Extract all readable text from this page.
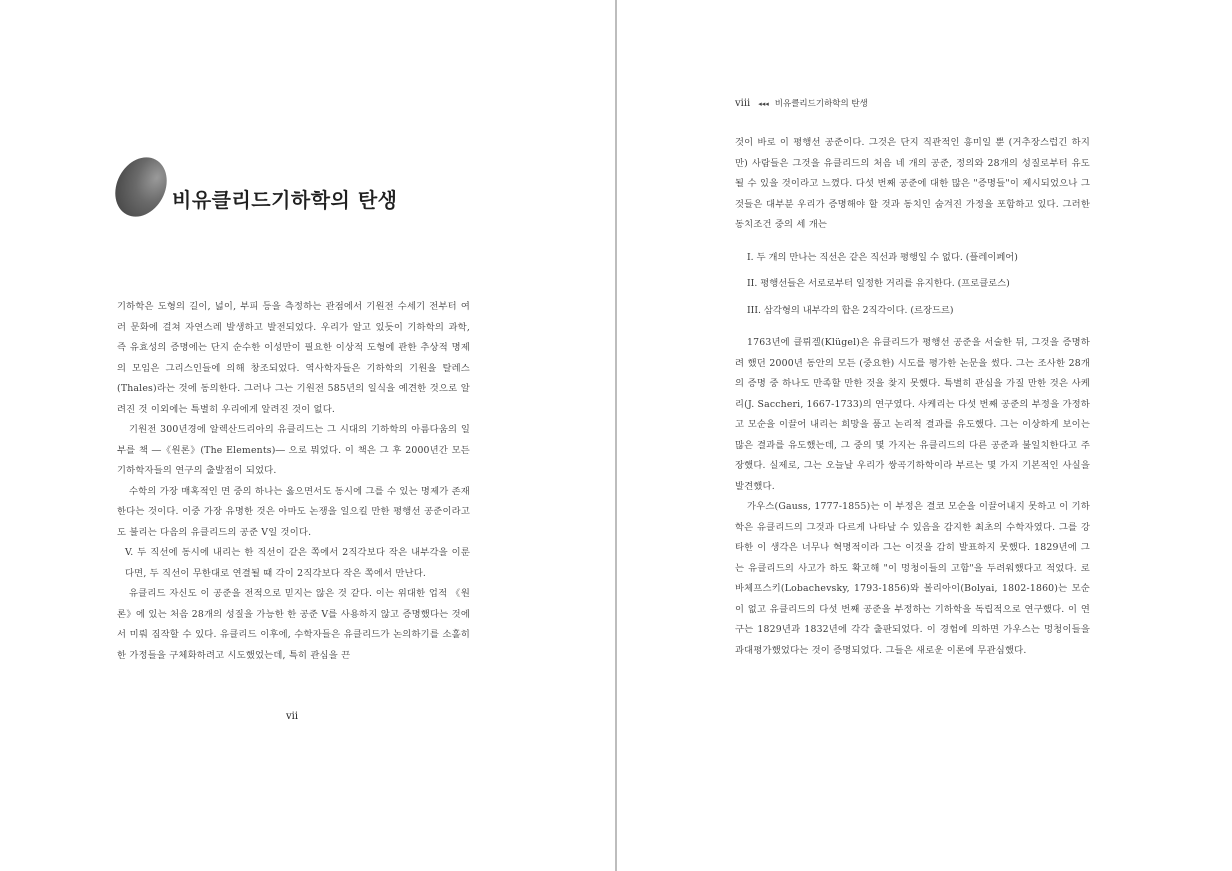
비유클리드기하학의 탄생

기하학은 도형의 길이, 넓이, 부피 등을 측정하는 관점에서 기원전 수세기 전부터 여러 문화에 걸쳐 자연스레 발생하고 발전되었다. 우리가 알고 있듯이 기하학의 과학, 즉 유효성의 증명에는 단지 순수한 이성만이 필요한 이상적 도형에 관한 추상적 명제의 모임은 그리스인들에 의해 창조되었다. 역사학자들은 기하학의 기원을 탈레스(Thales)라는 것에 동의한다. 그러나 그는 기원전 585년의 일식을 예견한 것으로 알려진 것 이외에는 특별히 우리에게 알려진 것이 없다.

기원전 300년경에 알렉산드리아의 유클리드는 그 시대의 기하학의 아름다움의 일부를 책 ―《원론》(The Elements)― 으로 뭐었다. 이 책은 그 후 2000년간 모든 기하학자들의 연구의 출발점이 되었다.

수학의 가장 매혹적인 면 중의 하나는 옳으면서도 동시에 그를 수 있는 명제가 존재한다는 것이다. 이중 가장 유명한 것은 아마도 논쟁을 일으킬 만한 평행선 공준이라고도 불리는 다음의 유클리드의 공준 V일 것이다.

V. 두 직선에 동시에 내리는 한 직선이 같은 쪽에서 2직각보다 작은 내부각을 이룬다면, 두 직선이 무한대로 연결될 때 각이 2직각보다 작은 쪽에서 만난다.

유클리드 자신도 이 공준을 전적으로 믿지는 않은 것 같다. 이는 위대한 업적 《원론》에 있는 처음 28개의 성질을 가능한 한 공준 V를 사용하지 않고 증명했다는 것에서 미뤄 짐작할 수 있다. 유클리드 이후에, 수학자들은 유클리드가 논의하기를 소홀히 한 가정들을 구체화하려고 시도했었는데, 특히 관심을 끈

vii
viii ◂◂◂ 비유클리드기하학의 탄생

것이 바로 이 평행선 공준이다. 그것은 단지 직관적인 흥미일 뿐 (거추장스럽긴 하지만) 사람들은 그것을 유클리드의 처음 네 개의 공준, 정의와 28개의 성질로부터 유도될 수 있을 것이라고 느꼈다. 다섯 번째 공준에 대한 많은 "증명들"이 제시되었으나 그것들은 대부분 우리가 증명해야 할 것과 동치인 숨겨진 가정을 포함하고 있다. 그러한 동치조건 중의 세 개는

I. 두 개의 만나는 직선은 같은 직선과 평행일 수 없다. (플레이페어)

II. 평행선들은 서로로부터 일정한 거리를 유지한다. (프로클로스)

III. 삼각형의 내부각의 합은 2직각이다. (르장드르)

1763년에 클뤼겔(Klügel)은 유클리드가 평행선 공준을 서술한 뒤, 그것을 증명하려 했던 2000년 동안의 모든 (중요한) 시도를 평가한 논문을 썼다. 그는 조사한 28개의 증명 중 하나도 만족할 만한 것을 찾지 못했다. 특별히 관심을 가질 만한 것은 사케리(J. Saccheri, 1667-1733)의 연구였다. 사케리는 다섯 번째 공준의 부정을 가정하고 모순을 이끌어 내리는 희망을 품고 논리적 결과를 유도했다. 그는 이상하게 보이는 많은 결과를 유도했는데, 그 중의 몇 가지는 유클리드의 다른 공준과 불일치한다고 주장했다. 실제로, 그는 오늘날 우리가 쌍곡기하학이라 부르는 몇 가지 기본적인 사실을 발견했다.

가우스(Gauss, 1777-1855)는 이 부정은 결코 모순을 이끌어내지 못하고 이 기하학은 유클리드의 그것과 다르게 나타날 수 있음을 감지한 최초의 수학자였다. 그를 강타한 이 생각은 너무나 혁명적이라 그는 이것을 감히 발표하지 못했다. 1829년에 그는 유클리드의 사고가 하도 확고해 "이 멍청이들의 고함"을 두려워했다고 적었다. 로바체프스키(Lobachevsky, 1793-1856)와 볼리아이(Bolyai, 1802-1860)는 모순이 없고 유클리드의 다섯 번째 공준을 부정하는 기하학을 독립적으로 연구했다. 이 연구는 1829년과 1832년에 각각 출판되었다. 이 경험에 의하면 가우스는 멍청이들을 과대평가했었다는 것이 증명되었다. 그들은 새로운 이론에 무관심했다.
